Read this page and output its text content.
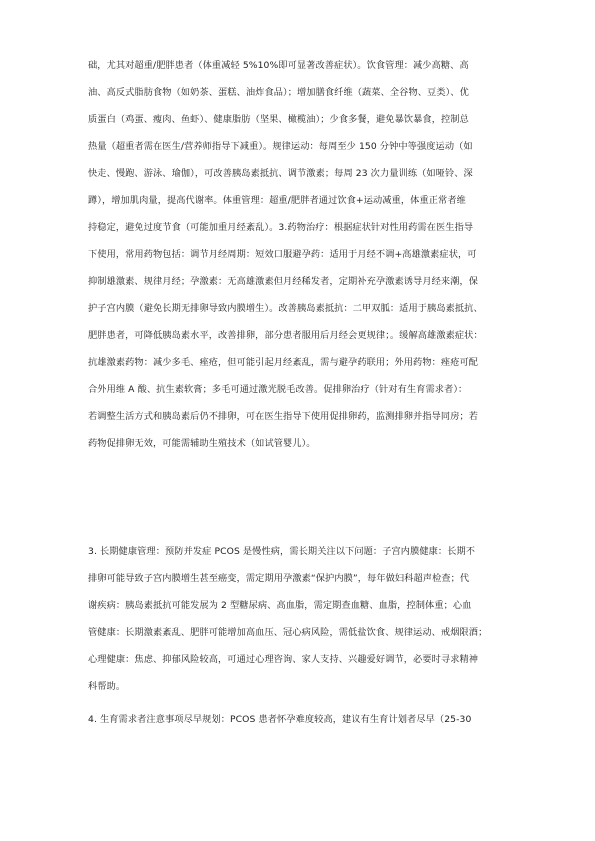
础，尤其对超重/肥胖患者（体重减轻 5%10%即可显著改善症状）。饮食管理：减少高糖、高
油、高反式脂肪食物（如奶茶、蛋糕、油炸食品）；增加膳食纤维（蔬菜、全谷物、豆类）、优
质蛋白（鸡蛋、瘦肉、鱼虾）、健康脂肪（坚果、橄榄油）；少食多餐，避免暴饮暴食，控制总
热量（超重者需在医生/营养师指导下减重）。规律运动：每周至少 150 分钟中等强度运动（如
快走、慢跑、游泳、瑜伽），可改善胰岛素抵抗、调节激素；每周 23 次力量训练（如哑铃、深
蹲），增加肌肉量，提高代谢率。体重管理：超重/肥胖者通过饮食+运动减重，体重正常者维
持稳定，避免过度节食（可能加重月经紊乱）。3.药物治疗：根据症状针对性用药需在医生指导
下使用，常用药物包括：调节月经周期：短效口服避孕药：适用于月经不调+高雄激素症状，可
抑制雄激素、规律月经；孕激素：无高雄激素但月经稀发者，定期补充孕激素诱导月经来潮，保
护子宫内膜（避免长期无排卵导致内膜增生）。改善胰岛素抵抗：二甲双胍：适用于胰岛素抵抗、
肥胖患者，可降低胰岛素水平，改善排卵，部分患者服用后月经会更规律；。缓解高雄激素症状：
抗雄激素药物：减少多毛、痤疮，但可能引起月经紊乱，需与避孕药联用；外用药物：痤疮可配
合外用维 A 酸、抗生素软膏；多毛可通过激光脱毛改善。促排卵治疗（针对有生育需求者）：
若调整生活方式和胰岛素后仍不排卵，可在医生指导下使用促排卵药，监测排卵并指导同房；若
药物促排卵无效，可能需辅助生殖技术（如试管婴儿）。
3. 长期健康管理：预防并发症 PCOS 是慢性病，需长期关注以下问题：子宫内膜健康：长期不
排卵可能导致子宫内膜增生甚至癌变，需定期用孕激素“保护内膜”，每年做妇科超声检查；代
谢疾病：胰岛素抵抗可能发展为 2 型糖尿病、高血脂，需定期查血糖、血脂，控制体重；心血
管健康：长期激素紊乱、肥胖可能增加高血压、冠心病风险，需低盐饮食、规律运动、戒烟限酒；
心理健康：焦虑、抑郁风险较高，可通过心理咨询、家人支持、兴趣爱好调节，必要时寻求精神
科帮助。
4. 生育需求者注意事项尽早规划：PCOS 患者怀孕难度较高，建议有生育计划者尽早（25-30
